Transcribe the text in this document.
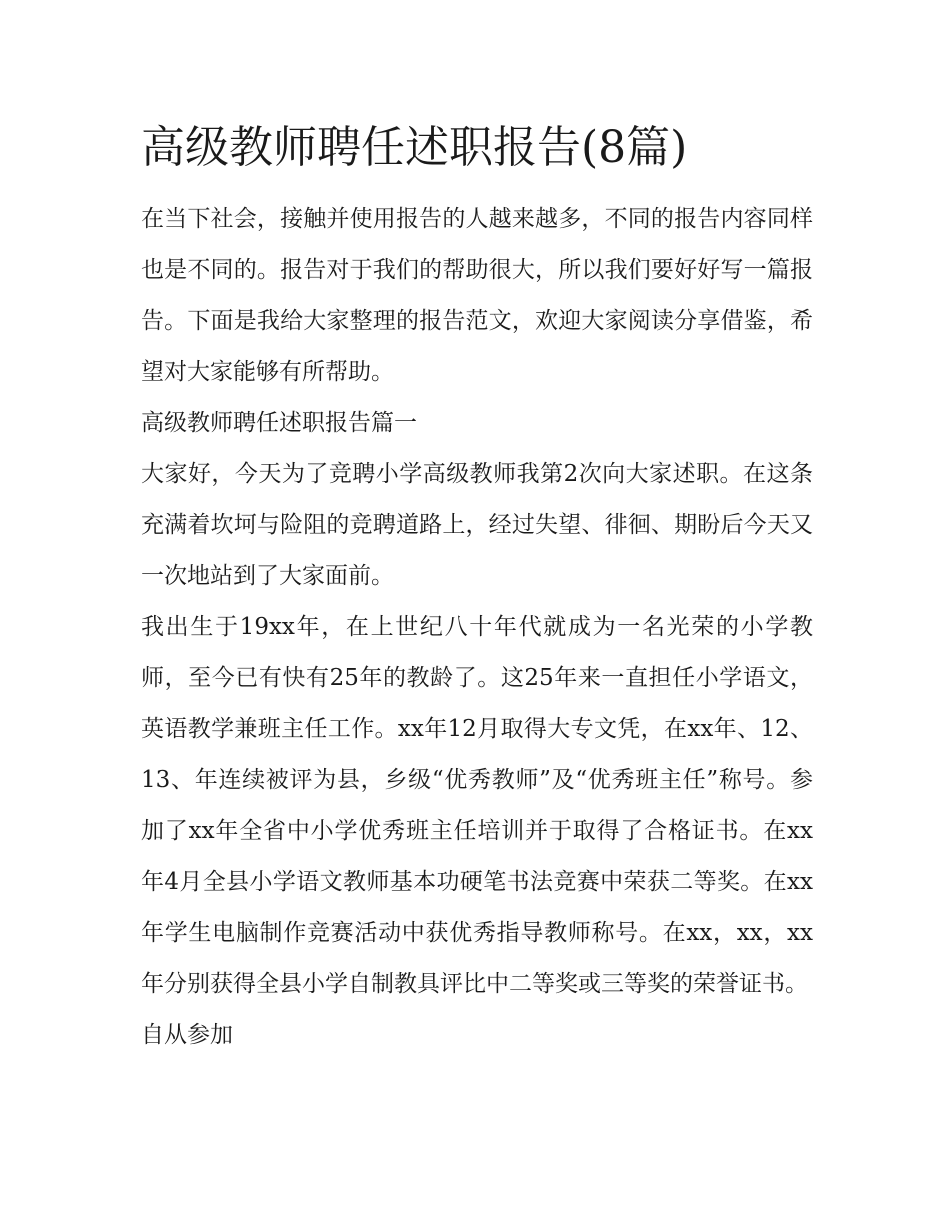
高级教师聘任述职报告(8篇)

在当下社会，接触并使用报告的人越来越多，不同的报告内容同样也是不同的。报告对于我们的帮助很大，所以我们要好好写一篇报告。下面是我给大家整理的报告范文，欢迎大家阅读分享借鉴，希望对大家能够有所帮助。

高级教师聘任述职报告篇一

大家好，今天为了竞聘小学高级教师我第2次向大家述职。在这条充满着坎坷与险阻的竞聘道路上，经过失望、徘徊、期盼后今天又一次地站到了大家面前。

我出生于19xx年，在上世纪八十年代就成为一名光荣的小学教师，至今已有快有25年的教龄了。这25年来一直担任小学语文，英语教学兼班主任工作。xx年12月取得大专文凭，在xx年、12、13、年连续被评为县，乡级“优秀教师”及“优秀班主任”称号。参加了xx年全省中小学优秀班主任培训并于取得了合格证书。在xx年4月全县小学语文教师基本功硬笔书法竞赛中荣获二等奖。在xx年学生电脑制作竞赛活动中获优秀指导教师称号。在xx，xx，xx年分别获得全县小学自制教具评比中二等奖或三等奖的荣誉证书。

自从参加
